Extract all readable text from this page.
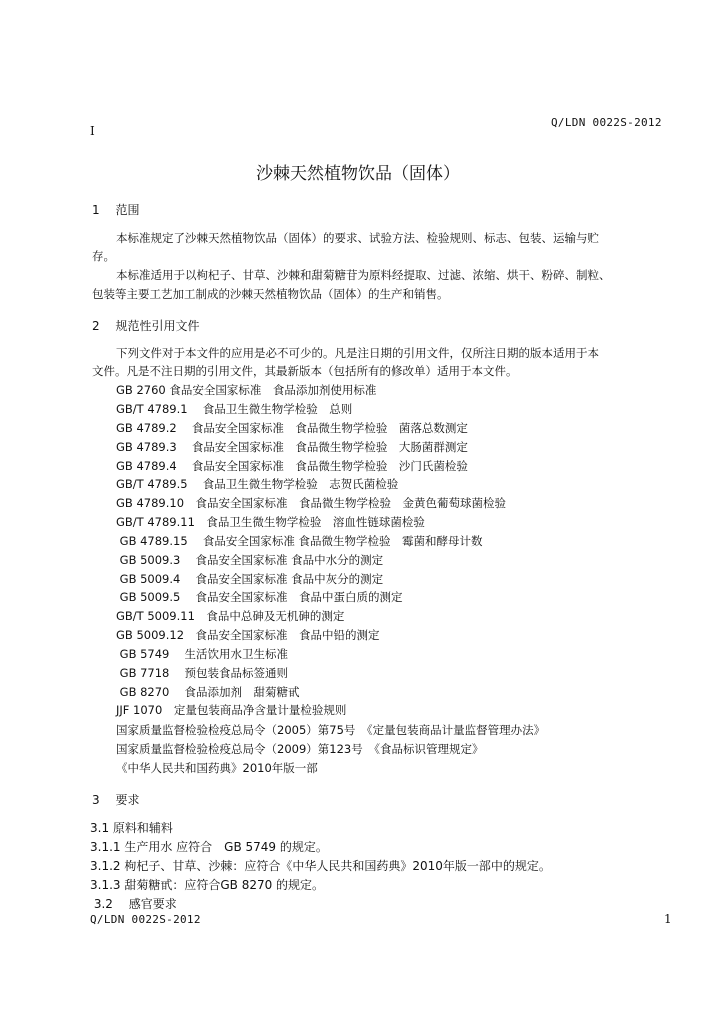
Q/LDN 0022S-2012
I
沙棘天然植物饮品（固体）
1　 范围
本标准规定了沙棘天然植物饮品（固体）的要求、试验方法、检验规则、标志、包装、运输与贮
存。
本标准适用于以枸杞子、甘草、沙棘和甜菊糖苷为原料经提取、过滤、浓缩、烘干、粉碎、制粒、
包装等主要工艺加工制成的沙棘天然植物饮品（固体）的生产和销售。
2　 规范性引用文件
下列文件对于本文件的应用是必不可少的。凡是注日期的引用文件，仅所注日期的版本适用于本
文件。凡是不注日期的引用文件，其最新版本（包括所有的修改单）适用于本文件。
GB 2760 食品安全国家标准　食品添加剂使用标准
GB/T 4789.1　 食品卫生微生物学检验　总则
GB 4789.2　 食品安全国家标准　食品微生物学检验　菌落总数测定
GB 4789.3　 食品安全国家标准　食品微生物学检验　大肠菌群测定
GB 4789.4　 食品安全国家标准　食品微生物学检验　沙门氏菌检验
GB/T 4789.5　 食品卫生微生物学检验　志贺氏菌检验
GB 4789.10　食品安全国家标准　食品微生物学检验　金黄色葡萄球菌检验
GB/T 4789.11　食品卫生微生物学检验　溶血性链球菌检验
GB 4789.15　 食品安全国家标准 食品微生物学检验　霉菌和酵母计数
GB 5009.3　 食品安全国家标准 食品中水分的测定
GB 5009.4　 食品安全国家标准 食品中灰分的测定
GB 5009.5　 食品安全国家标准　食品中蛋白质的测定
GB/T 5009.11　食品中总砷及无机砷的测定
GB 5009.12　食品安全国家标准　食品中铅的测定
GB 5749　 生活饮用水卫生标准
GB 7718　 预包装食品标签通则
GB 8270　 食品添加剂　甜菊糖甙
JJF 1070　定量包装商品净含量计量检验规则
国家质量监督检验检疫总局令（2005）第75号　《定量包装商品计量监督管理办法》
国家质量监督检验检疫总局令（2009）第123号　《食品标识管理规定》
《中华人民共和国药典》2010年版一部
3　 要求
3.1 原料和辅料
3.1.1 生产用水 应符合　GB 5749 的规定。
3.1.2 枸杞子、甘草、沙棘：应符合《中华人民共和国药典》2010年版一部中的规定。
3.1.3 甜菊糖甙：应符合GB 8270 的规定。
3.2　 感官要求
Q/LDN 0022S-2012	1
